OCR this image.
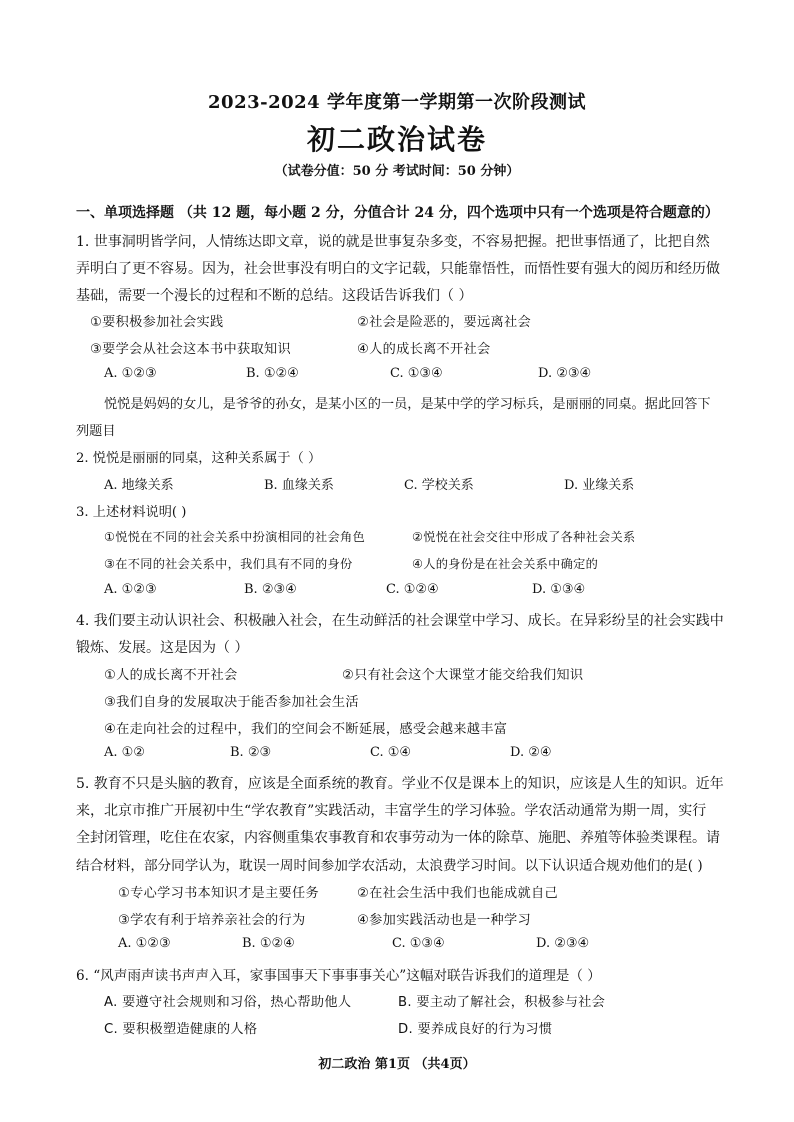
2023-2024 学年度第一学期第一次阶段测试
初二政治试卷
（试卷分值：50 分 考试时间：50 分钟）
一、单项选择题 （共 12 题，每小题 2 分，分值合计 24 分，四个选项中只有一个选项是符合题意的）
1. 世事洞明皆学问，人情练达即文章，说的就是世事复杂多变，不容易把握。把世事悟通了，比把自然
弄明白了更不容易。因为，社会世事没有明白的文字记载，只能靠悟性，而悟性要有强大的阅历和经历做
基础，需要一个漫长的过程和不断的总结。这段话告诉我们（ ）
①要积极参加社会实践	②社会是险恶的，要远离社会
③要学会从社会这本书中获取知识	④人的成长离不开社会
A. ①②③	B. ①②④	C. ①③④	D. ②③④
悦悦是妈妈的女儿，是爷爷的孙女，是某小区的一员，是某中学的学习标兵，是丽丽的同桌。据此回答下
列题目
2. 悦悦是丽丽的同桌，这种关系属于（ ）
A. 地缘关系	B. 血缘关系	C. 学校关系	D. 业缘关系
3. 上述材料说明( )
①悦悦在不同的社会关系中扮演相同的社会角色	②悦悦在社会交往中形成了各种社会关系
③在不同的社会关系中，我们具有不同的身份	④人的身份是在社会关系中确定的
A. ①②③	B. ②③④	C. ①②④	D. ①③④
4. 我们要主动认识社会、积极融入社会，在生动鲜活的社会课堂中学习、成长。在异彩纷呈的社会实践中
锻炼、发展。这是因为（ ）
①人的成长离不开社会	②只有社会这个大课堂才能交给我们知识
③我们自身的发展取决于能否参加社会生活
④在走向社会的过程中，我们的空间会不断延展，感受会越来越丰富
A. ①②	B. ②③	C. ①④	D. ②④
5. 教育不只是头脑的教育，应该是全面系统的教育。学业不仅是课本上的知识，应该是人生的知识。近年
来，北京市推广开展初中生“学农教育”实践活动，丰富学生的学习体验。学农活动通常为期一周，实行
全封闭管理，吃住在农家，内容侧重集农事教育和农事劳动为一体的除草、施肥、养殖等体验类课程。请
结合材料，部分同学认为，耽误一周时间参加学农活动，太浪费学习时间。以下认识适合规劝他们的是( )
①专心学习书本知识才是主要任务	②在社会生活中我们也能成就自己
③学农有利于培养亲社会的行为	④参加实践活动也是一种学习
A. ①②③	B. ①②④	C. ①③④	D. ②③④
6. “风声雨声读书声声入耳，家事国事天下事事事关心”这幅对联告诉我们的道理是（ ）
A. 要遵守社会规则和习俗，热心帮助他人	B. 要主动了解社会，积极参与社会
C. 要积极塑造健康的人格	D. 要养成良好的行为习惯
初二政治 第1页 （共4页）
